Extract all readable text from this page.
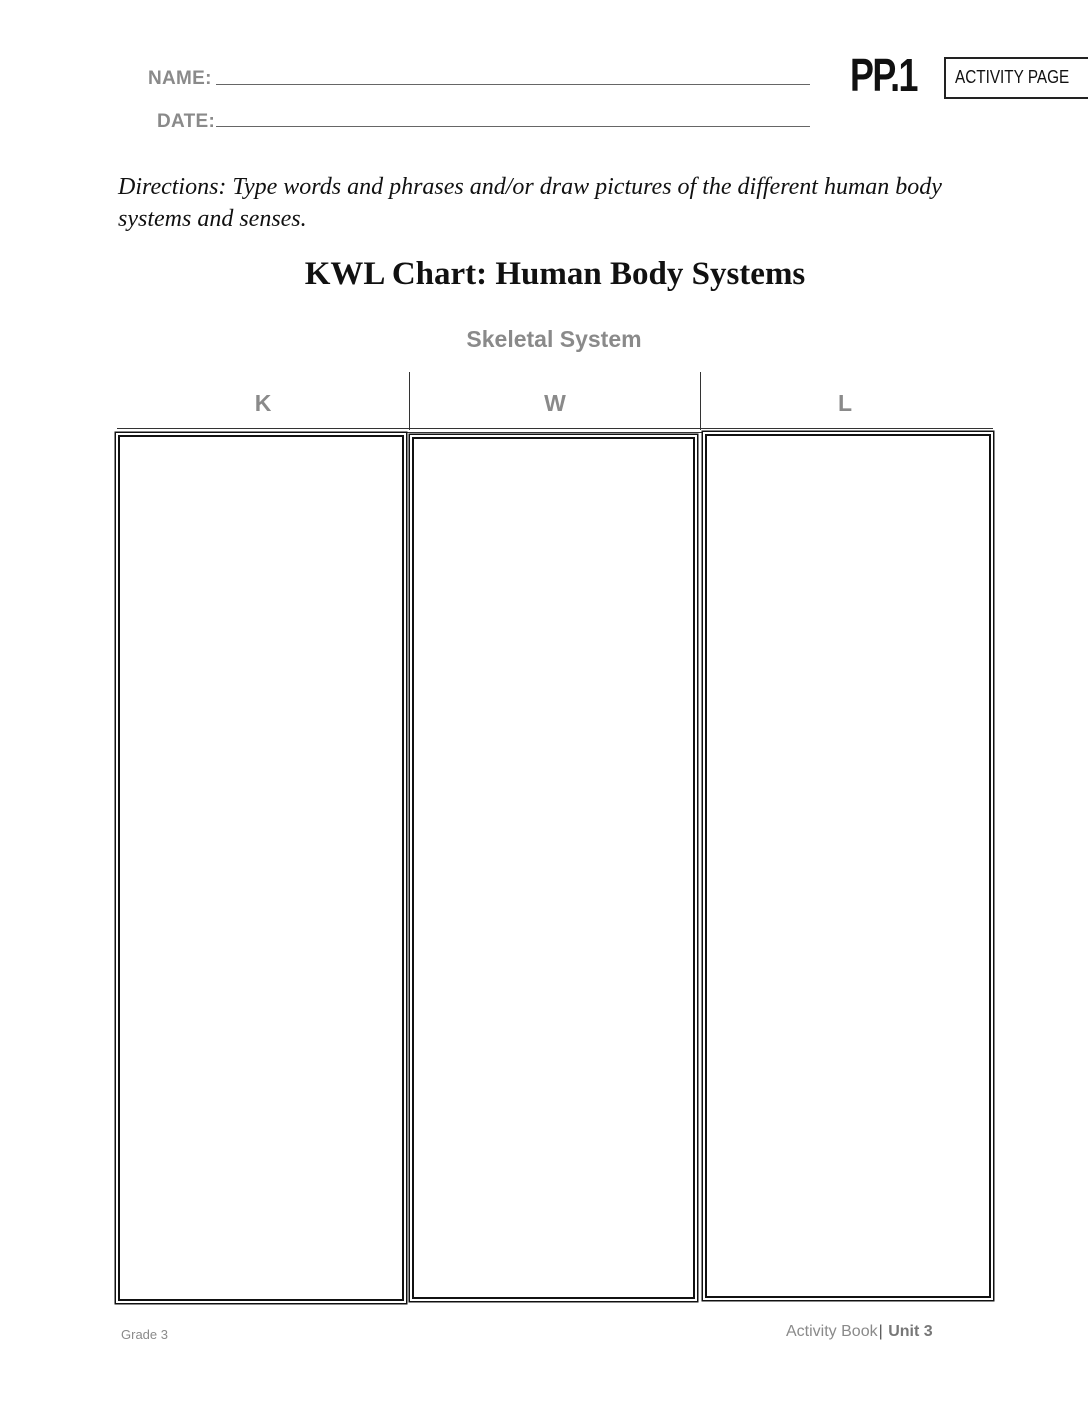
NAME:
DATE:
PP.1	ACTIVITY PAGE
Directions: Type words and phrases and/or draw pictures of the different human body systems and senses.
KWL Chart: Human Body Systems
Skeletal System
K	W	L
Grade 3	Activity Book| Unit 3
